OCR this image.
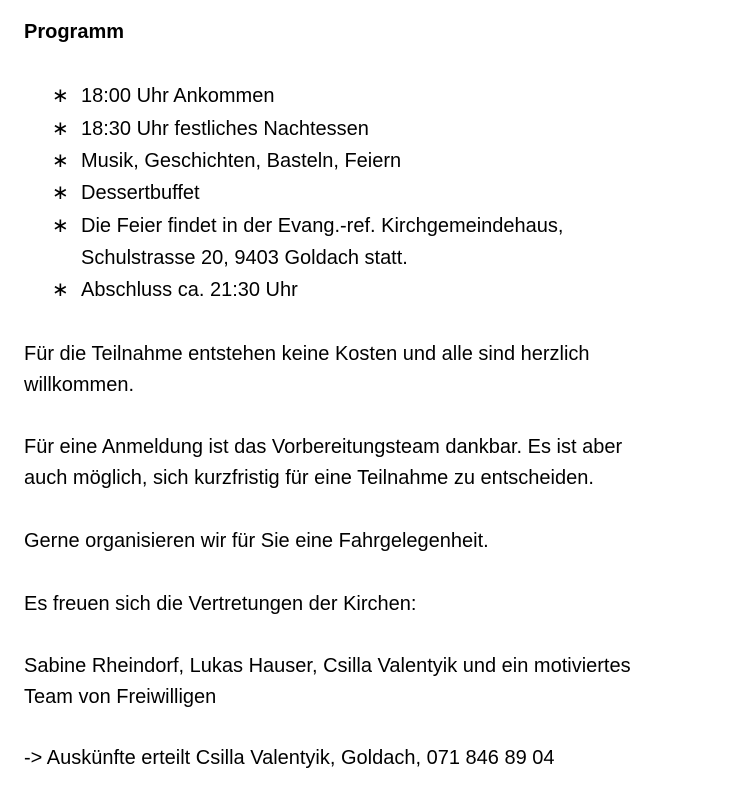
Programm
∗ 18:00 Uhr Ankommen
∗ 18:30 Uhr festliches Nachtessen
∗ Musik, Geschichten, Basteln, Feiern
∗ Dessertbuffet
∗ Die Feier findet in der Evang.-ref. Kirchgemeindehaus,
Schulstrasse 20, 9403 Goldach statt.
∗ Abschluss ca. 21:30 Uhr
Für die Teilnahme entstehen keine Kosten und alle sind herzlich
willkommen.
Für eine Anmeldung ist das Vorbereitungsteam dankbar. Es ist aber
auch möglich, sich kurzfristig für eine Teilnahme zu entscheiden.
Gerne organisieren wir für Sie eine Fahrgelegenheit.
Es freuen sich die Vertretungen der Kirchen:
Sabine Rheindorf, Lukas Hauser, Csilla Valentyik und ein motiviertes
Team von Freiwilligen
-> Auskünfte erteilt Csilla Valentyik, Goldach, 071 846 89 04
